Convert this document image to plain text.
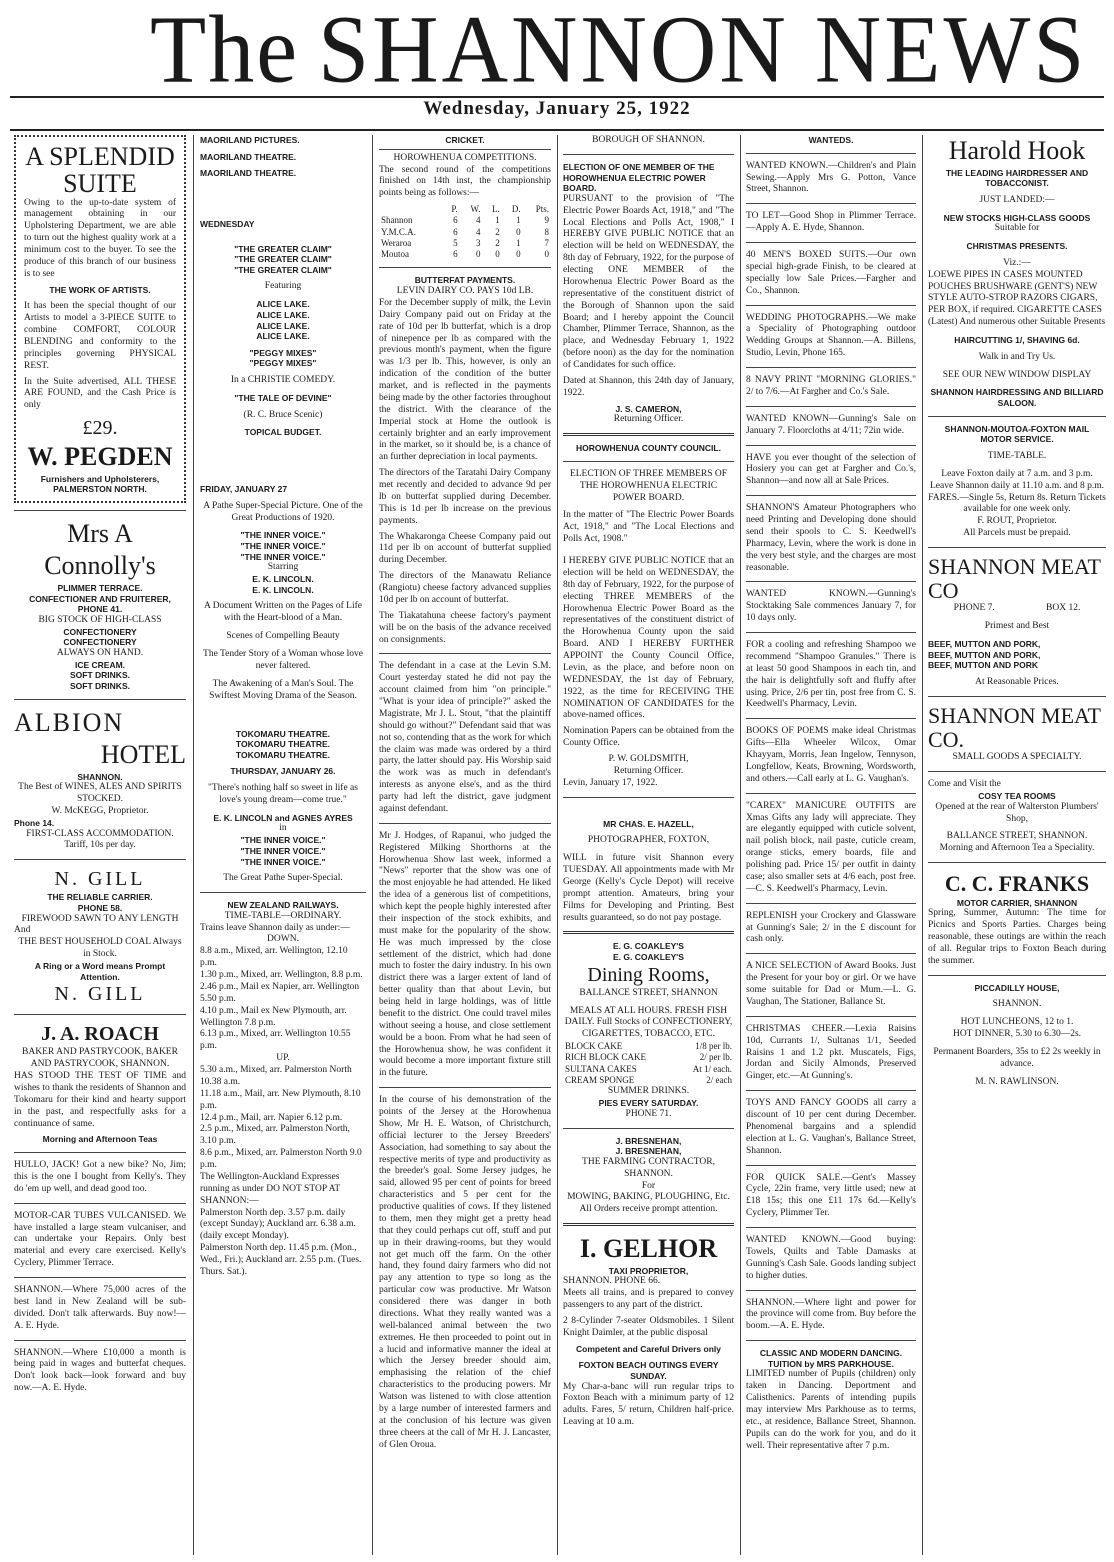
The SHANNON NEWS
Wednesday, January 25, 1922
A SPLENDID SUITE

Owing to the up-to-date system of management obtaining in our Upholstering Department, we are able to turn out the highest quality work at a minimum cost to the buyer. To see the produce of this branch of our business is to see

THE WORK OF ARTISTS.

It has been the special thought of our Artists to model a 3-PIECE SUITE to combine COMFORT, COLOUR BLENDING and conformity to the principles governing PHYSICAL REST.

In the Suite advertised, ALL THESE ARE FOUND, and the Cash Price is only

£29.
W. PEGDEN
Furnishers and Upholsterers, PALMERSTON NORTH.
Mrs A Connolly's
PLIMMER TERRACE.
CONFECTIONER AND FRUITERER,
PHONE 41.
BIG STOCK OF HIGH-CLASS
CONFECTIONERY
CONFECTIONERY
ALWAYS ON HAND.
ICE CREAM.
SOFT DRINKS.
SOFT DRINKS.
ALBION
HOTEL
SHANNON.
The Best of WINES, ALES AND SPIRITS STOCKED.
W. McKEGG, Proprietor.
Phone 14.
FIRST-CLASS ACCOMMODATION.
Tariff, 10s per day.
N. GILL
THE RELIABLE CARRIER.
PHONE 58.
FIREWOOD SAWN TO ANY LENGTH
And
THE BEST HOUSEHOLD COAL Always in Stock.
A Ring or a Word means Prompt Attention.
N. GILL
J. A. ROACH
BAKER AND PASTRYCOOK, BAKER AND PASTRYCOOK, SHANNON.

HAS STOOD THE TEST OF TIME and wishes to thank the residents of Shannon and Tokomaru for their kind and hearty support in the past, and respectfully asks for a continuance of same.

Morning and Afternoon Teas

HULLO, JACK! Got a new bike? No, Jim; this is the one I bought from Kelly's. They do 'em up well, and dead good too.

MOTOR-CAR TUBES VULCANISED. We have installed a large steam vulcaniser, and can undertake your Repairs. Only best material and every care exercised. Kelly's Cyclery, Plimmer Terrace.

SHANNON.—Where 75,000 acres of the best land in New Zealand will be sub-divided. Don't talk afterwards. Buy now!—A. E. Hyde.

SHANNON.—Where £10,000 a month is being paid in wages and butterfat cheques. Don't look back—look forward and buy now.—A. E. Hyde.

MAORILAND PICTURES.
MAORILAND THEATRE.
MAORILAND THEATRE.
WEDNESDAY
"THE GREATER CLAIM"
"THE GREATER CLAIM"
"THE GREATER CLAIM"
Featuring
ALICE LAKE.
ALICE LAKE.
ALICE LAKE.
ALICE LAKE.
"PEGGY MIXES"
"PEGGY MIXES"
In a CHRISTIE COMEDY.
"THE TALE OF DEVINE"
(R. C. Bruce Scenic)
TOPICAL BUDGET.
FRIDAY, JANUARY 27
A Pathe Super-Special Picture. One of the Great Productions of 1920.
"THE INNER VOICE."
"THE INNER VOICE."
"THE INNER VOICE."
Starring
E. K. LINCOLN.
E. K. LINCOLN.
A Document Written on the Pages of Life with the Heart-blood of a Man.
Scenes of Compelling Beauty
The Tender Story of a Woman whose love never faltered.
The Awakening of a Man's Soul. The Swiftest Moving Drama of the Season.
TOKOMARU THEATRE.
TOKOMARU THEATRE.
TOKOMARU THEATRE.
THURSDAY, JANUARY 26.
"There's nothing half so sweet in life as love's young dream—come true."
E. K. LINCOLN and AGNES AYRES
in
"THE INNER VOICE."
"THE INNER VOICE."
"THE INNER VOICE."
The Great Pathe Super-Special.
NEW ZEALAND RAILWAYS.
TIME-TABLE—ORDINARY.
Trains leave Shannon daily as under:—
DOWN.
8.8 a.m., Mixed, arr. Wellington, 12.10 p.m.
1.30 p.m., Mixed, arr. Wellington, 8.8 p.m.
2.46 p.m., Mail ex Napier, arr. Wellington 5.50 p.m.
4.10 p.m., Mail ex New Plymouth, arr. Wellington 7.8 p.m.
6.13 p.m., Mixed, arr. Wellington 10.55 p.m.
UP.
5.30 a.m., Mixed, arr. Palmerston North 10.38 a.m.
11.18 a.m., Mail, arr. New Plymouth, 8.10 p.m.
12.4 p.m., Mail, arr. Napier 6.12 p.m.
2.5 p.m., Mixed, arr. Palmerston North, 3.10 p.m.
8.6 p.m., Mixed, arr. Palmerston North 9.0 p.m.
The Wellington-Auckland Expresses running as under DO NOT STOP AT SHANNON:—
Palmerston North dep. 3.57 p.m. daily (except Sunday); Auckland arr. 6.38 a.m. (daily except Monday).
Palmerston North dep. 11.45 p.m. (Mon., Wed., Fri.); Auckland arr. 2.55 p.m. (Tues. Thurs. Sat.).
CRICKET.
HOROWHENUA COMPETITIONS.

The second round of the competitions finished on 14th inst, the championship points being as follows:—

	P.	W.	L.	D.	Pts.
Shannon	6	4	1	1	9
Y.M.C.A.	6	4	2	0	8
Weraroa	5	3	2	1	7
Moutoa	6	0	0	0	0
BUTTERFAT PAYMENTS.
LEVIN DAIRY CO. PAYS 10d LB.

For the December supply of milk, the Levin Dairy Company paid out on Friday at the rate of 10d per lb butterfat, which is a drop of ninepence per lb as compared with the previous month's payment, when the figure was 1/3 per lb. This, however, is only an indication of the condition of the butter market, and is reflected in the payments being made by the other factories throughout the district. With the clearance of the Imperial stock at Home the outlook is certainly brighter and an early improvement in the market, so it should be, is a chance of an further depreciation in local payments.

The directors of the Taratahi Dairy Company met recently and decided to advance 9d per lb on butterfat supplied during December. This is 1d per lb increase on the previous payments.

The Whakaronga Cheese Company paid out 11d per lb on account of butterfat supplied during December.

The directors of the Manawatu Reliance (Rangiotu) cheese factory advanced supplies 10d per lb on account of butterfat.

The Tiakatahuna cheese factory's payment will be on the basis of the advance received on consignments.

The defendant in a case at the Levin S.M. Court yesterday stated he did not pay the account claimed from him "on principle." "What is your idea of principle?" asked the Magistrate, Mr J. L. Stout, "that the plaintiff should go without?" Defendant said that was not so, contending that as the work for which the claim was made was ordered by a third party, the latter should pay. His Worship said the work was as much in defendant's interests as anyone else's, and as the third party had left the district, gave judgment against defendant.

Mr J. Hodges, of Rapanui, who judged the Registered Milking Shorthorns at the Horowhenua Show last week, informed a "News" reporter that the show was one of the most enjoyable he had attended. He liked the idea of a generous list of competitions, which kept the people highly interested after their inspection of the stock exhibits, and must make for the popularity of the show. He was much impressed by the close settlement of the district, which had done much to foster the dairy industry. In his own district there was a larger extent of land of better quality than that about Levin, but being held in large holdings, was of little benefit to the district. One could travel miles without seeing a house, and close settlement would be a boon. From what he had seen of the Horowhenua show, he was confident it would become a more important fixture still in the future.

In the course of his demonstration of the points of the Jersey at the Horowhenua Show, Mr H. E. Watson, of Christchurch, official lecturer to the Jersey Breeders' Association, had something to say about the respective merits of type and productivity as the breeder's goal. Some Jersey judges, he said, allowed 95 per cent of points for breed characteristics and 5 per cent for the productive qualities of cows. If they listened to them, men they might get a pretty head that they could perhaps cut off, stuff and put up in their drawing-rooms, but they would not get much off the farm. On the other hand, they found dairy farmers who did not pay any attention to type so long as the particular cow was productive. Mr Watson considered there was danger in both directions. What they really wanted was a well-balanced animal between the two extremes. He then proceeded to point out in a lucid and informative manner the ideal at which the Jersey breeder should aim, emphasising the relation of the chief characteristics to the producing powers. Mr Watson was listened to with close attention by a large number of interested farmers and at the conclusion of his lecture was given three cheers at the call of Mr H. J. Lancaster, of Glen Oroua.

BOROUGH OF SHANNON.
ELECTION OF ONE MEMBER OF THE HOROWHENUA ELECTRIC POWER BOARD.

PURSUANT to the provision of "The Electric Power Boards Act, 1918," and "The Local Elections and Polls Act, 1908," I HEREBY GIVE PUBLIC NOTICE that an election will be held on WEDNESDAY, the 8th day of February, 1922, for the purpose of electing ONE MEMBER of the Horowhenua Electric Power Board as the representative of the constituent district of the Borough of Shannon upon the said Board; and I hereby appoint the Council Chamber, Plimmer Terrace, Shannon, as the place, and Wednesday February 1, 1922 (before noon) as the day for the nomination of Candidates for such office.

Dated at Shannon, this 24th day of January, 1922.

J. S. CAMERON,
Returning Officer.
HOROWHENUA COUNTY COUNCIL.
ELECTION OF THREE MEMBERS OF THE HOROWHENUA ELECTRIC POWER BOARD.

In the matter of "The Electric Power Boards Act, 1918," and "The Local Elections and Polls Act, 1908."

I HEREBY GIVE PUBLIC NOTICE that an election will be held on WEDNESDAY, the 8th day of February, 1922, for the purpose of electing THREE MEMBERS of the Horowhenua Electric Power Board as the representatives of the constituent district of the Horowhenua County upon the said Board. AND I HEREBY FURTHER APPOINT the County Council Office, Levin, as the place, and before noon on WEDNESDAY, the 1st day of February, 1922, as the time for RECEIVING THE NOMINATION OF CANDIDATES for the above-named offices.

Nomination Papers can be obtained from the County Office.

P. W. GOLDSMITH,
Returning Officer.
Levin, January 17, 1922.
MR CHAS. E. HAZELL,
PHOTOGRAPHER, FOXTON,

WILL in future visit Shannon every TUESDAY. All appointments made with Mr George (Kelly's Cycle Depot) will receive prompt attention. Amateurs, bring your Films for Developing and Printing. Best results guaranteed, so do not pay postage.

E. G. COAKLEY'S
E. G. COAKLEY'S
Dining Rooms,
BALLANCE STREET, SHANNON
MEALS AT ALL HOURS. FRESH FISH DAILY. Full Stocks of CONFECTIONERY, CIGARETTES, TOBACCO, ETC.
BLOCK CAKE	1/8 per lb.
RICH BLOCK CAKE	2/ per lb.
SULTANA CAKES	At 1/ each.
CREAM SPONGE	2/ each
SUMMER DRINKS.
PIES EVERY SATURDAY.
PHONE 71.
J. BRESNEHAN,
J. BRESNEHAN,
THE FARMING CONTRACTOR, SHANNON.
For
MOWING, BAKING, PLOUGHING, Etc. All Orders receive prompt attention.
I. GELHOR
TAXI PROPRIETOR,
SHANNON. PHONE 66.

Meets all trains, and is prepared to convey passengers to any part of the district.

2 8-Cylinder 7-seater Oldsmobiles. 1 Silent Knight Daimler, at the public disposal

Competent and Careful Drivers only
FOXTON BEACH OUTINGS EVERY SUNDAY.

My Char-a-banc will run regular trips to Foxton Beach with a minimum party of 12 adults. Fares, 5/ return, Children half-price. Leaving at 10 a.m.

WANTEDS.

WANTED KNOWN.—Children's and Plain Sewing.—Apply Mrs G. Potton, Vance Street, Shannon.

TO LET—Good Shop in Plimmer Terrace.—Apply A. E. Hyde, Shannon.

40 MEN'S BOXED SUITS.—Our own special high-grade Finish, to be cleared at specially low Sale Prices.—Fargher and Co., Shannon.

WEDDING PHOTOGRAPHS.—We make a Speciality of Photographing outdoor Wedding Groups at Shannon.—A. Billens, Studio, Levin, Phone 165.

8 NAVY PRINT "MORNING GLORIES." 2/ to 7/6.—At Fargher and Co.'s Sale.

WANTED KNOWN—Gunning's Sale on January 7. Floorcloths at 4/11; 72in wide.

HAVE you ever thought of the selection of Hosiery you can get at Fargher and Co.'s, Shannon—and now all at Sale Prices.

SHANNON'S Amateur Photographers who need Printing and Developing done should send their spools to C. S. Keedwell's Pharmacy, Levin, where the work is done in the very best style, and the charges are most reasonable.

WANTED KNOWN.—Gunning's Stocktaking Sale commences January 7, for 10 days only.

FOR a cooling and refreshing Shampoo we recommend "Shampoo Granules." There is at least 50 good Shampoos in each tin, and the hair is delightfully soft and fluffy after using. Price, 2/6 per tin, post free from C. S. Keedwell's Pharmacy, Levin.

BOOKS OF POEMS make ideal Christmas Gifts—Ella Wheeler Wilcox, Omar Khayyam, Morris, Jean Ingelow, Tennyson, Longfellow, Keats, Browning, Wordsworth, and others.—Call early at L. G. Vaughan's.

"CAREX" MANICURE OUTFITS are Xmas Gifts any lady will appreciate. They are elegantly equipped with cuticle solvent, nail polish block, nail paste, cuticle cream, orange sticks, emery boards, file and polishing pad. Price 15/ per outfit in dainty case; also smaller sets at 4/6 each, post free.—C. S. Keedwell's Pharmacy, Levin.

REPLENISH your Crockery and Glassware at Gunning's Sale; 2/ in the £ discount for cash only.

A NICE SELECTION of Award Books. Just the Present for your boy or girl. Or we have some suitable for Dad or Mum.—L. G. Vaughan, The Stationer, Ballance St.

CHRISTMAS CHEER.—Lexia Raisins 10d, Currants 1/, Sultanas 1/1, Seeded Raisins 1 and 1.2 pkt. Muscatels, Figs, Jordan and Sicily Almonds, Preserved Ginger, etc.—At Gunning's.

TOYS AND FANCY GOODS all carry a discount of 10 per cent during December. Phenomenal bargains and a splendid election at L. G. Vaughan's, Ballance Street, Shannon.

FOR QUICK SALE.—Gent's Massey Cycle, 22in frame, very little used; new at £18 15s; this one £11 17s 6d.—Kelly's Cyclery, Plimmer Ter.

WANTED KNOWN.—Good buying: Towels, Quilts and Table Damasks at Gunning's Cash Sale. Goods landing subject to higher duties.

SHANNON.—Where light and power for the province will come from. Buy before the boom.—A. E. Hyde.

CLASSIC AND MODERN DANCING. TUITION by MRS PARKHOUSE.

LIMITED number of Pupils (children) only taken in Dancing. Deportment and Calisthenics. Parents of intending pupils may interview Mrs Parkhouse as to terms, etc., at residence, Ballance Street, Shannon. Pupils can do the work for you, and do it well. Their representative after 7 p.m.

Harold Hook
THE LEADING HAIRDRESSER AND TOBACCONIST.
JUST LANDED:—
NEW STOCKS HIGH-CLASS GOODS
Suitable for
CHRISTMAS PRESENTS.
Viz.:—
LOEWE PIPES IN CASES MOUNTED POUCHES BRUSHWARE (GENT'S) NEW STYLE AUTO-STROP RAZORS CIGARS, PER BOX, if required. CIGARETTE CASES (Latest) And numerous other Suitable Presents
HAIRCUTTING 1/, SHAVING 6d.
Walk in and Try Us.
SEE OUR NEW WINDOW DISPLAY
SHANNON HAIRDRESSING AND BILLIARD SALOON.
SHANNON-MOUTOA-FOXTON MAIL MOTOR SERVICE.
TIME-TABLE.
Leave Foxton daily at 7 a.m. and 3 p.m.
Leave Shannon daily at 11.10 a.m. and 8 p.m.
FARES.—Single 5s, Return 8s. Return Tickets available for one week only.
F. ROUT, Proprietor.
All Parcels must be prepaid.
SHANNON MEAT CO
PHONE 7.	BOX 12.
Primest and Best
BEEF, MUTTON AND PORK,
BEEF, MUTTON AND PORK,
BEEF, MUTTON AND PORK
At Reasonable Prices.
SHANNON MEAT CO.
SMALL GOODS A SPECIALTY.
Come and Visit the
COSY TEA ROOMS
Opened at the rear of Walterston Plumbers' Shop,
BALLANCE STREET, SHANNON.
Morning and Afternoon Tea a Speciality.
C. C. FRANKS
MOTOR CARRIER, SHANNON

Spring, Summer, Autumn: The time for Picnics and Sports Parties. Charges being reasonable, these outings are within the reach of all. Regular trips to Foxton Beach during the summer.

PICCADILLY HOUSE,
SHANNON.
HOT LUNCHEONS, 12 to 1.
HOT DINNER, 5.30 to 6.30—2s.
Permanent Boarders, 35s to £2 2s weekly in advance.
M. N. RAWLINSON.
